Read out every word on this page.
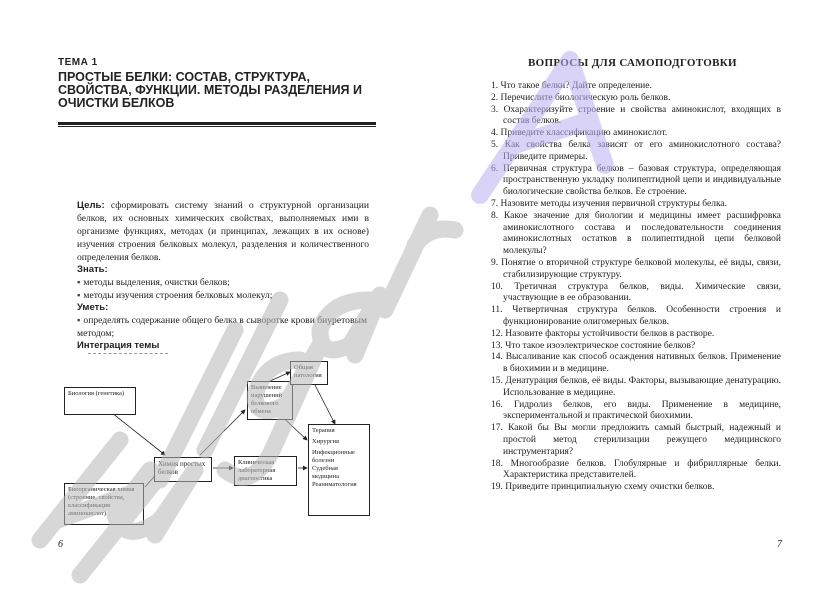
ТЕМА 1
ПРОСТЫЕ БЕЛКИ: СОСТАВ, СТРУКТУРА, СВОЙСТВА, ФУНКЦИИ. МЕТОДЫ РАЗДЕЛЕНИЯ И ОЧИСТКИ БЕЛКОВ
Цель: сформировать систему знаний о структурной организации белков, их основных химических свойствах, выполняемых ими в организме функциях, методах (и принципах, лежащих в их основе) изучения строения белковых молекул, разделения и количественного определения белков.
Знать:
▪ методы выделения, очистки белков;
▪ методы изучения строения белковых молекул;
Уметь:
▪ определять содержание общего белка в сыворотке крови биуретовым методом;
Интеграция темы
Биология (генетика)
Биоорганическая химия (строение, свойства, классификация аминокислот)
Химия простых белков
Выявление нарушений белкового обмена
Общая патология
Клиническая лабораторная диагностика
Терапия
Хирургия
Инфекционные болезни
Судебная медицина
Реаниматология
6
ВОПРОСЫ ДЛЯ САМОПОДГОТОВКИ
1. Что такое белки? Дайте определение.
2. Перечислите биологическую роль белков.
3. Охарактеризуйте строение и свойства аминокислот, входящих в состав белков.
4. Приведите классификацию аминокислот.
5. Как свойства белка зависят от его аминокислотного состава? Приведите примеры.
6. Первичная структура белков – базовая структура, определяющая пространственную укладку полипептидной цепи и индивидуальные биологические свойства белков. Ее строение.
7. Назовите методы изучения первичной структуры белка.
8. Какое значение для биологии и медицины имеет расшифровка аминокислотного состава и последовательности соединения аминокислотных остатков в полипептидной цепи белковой молекулы?
9. Понятие о вторичной структуре белковой молекулы, её виды, связи, стабилизирующие структуру.
10. Третичная структура белков, виды. Химические связи, участвующие в ее образовании.
11. Четвертичная структура белков. Особенности строения и функционирование олигомерных белков.
12. Назовите факторы устойчивости белков в растворе.
13. Что такое изоэлектрическое состояние белков?
14. Высаливание как способ осаждения нативных белков. Применение в биохимии и в медицине.
15. Денатурация белков, её виды. Факторы, вызывающие денатурацию. Использование в медицине.
16. Гидролиз белков, его виды. Применение в медицине, экспериментальной и практической биохимии.
17. Какой бы Вы могли предложить самый быстрый, надежный и простой метод стерилизации режущего медицинского инструментария?
18. Многообразие белков. Глобулярные и фибриллярные белки. Характеристика представителей.
19. Приведите принципиальную схему очистки белков.
7
